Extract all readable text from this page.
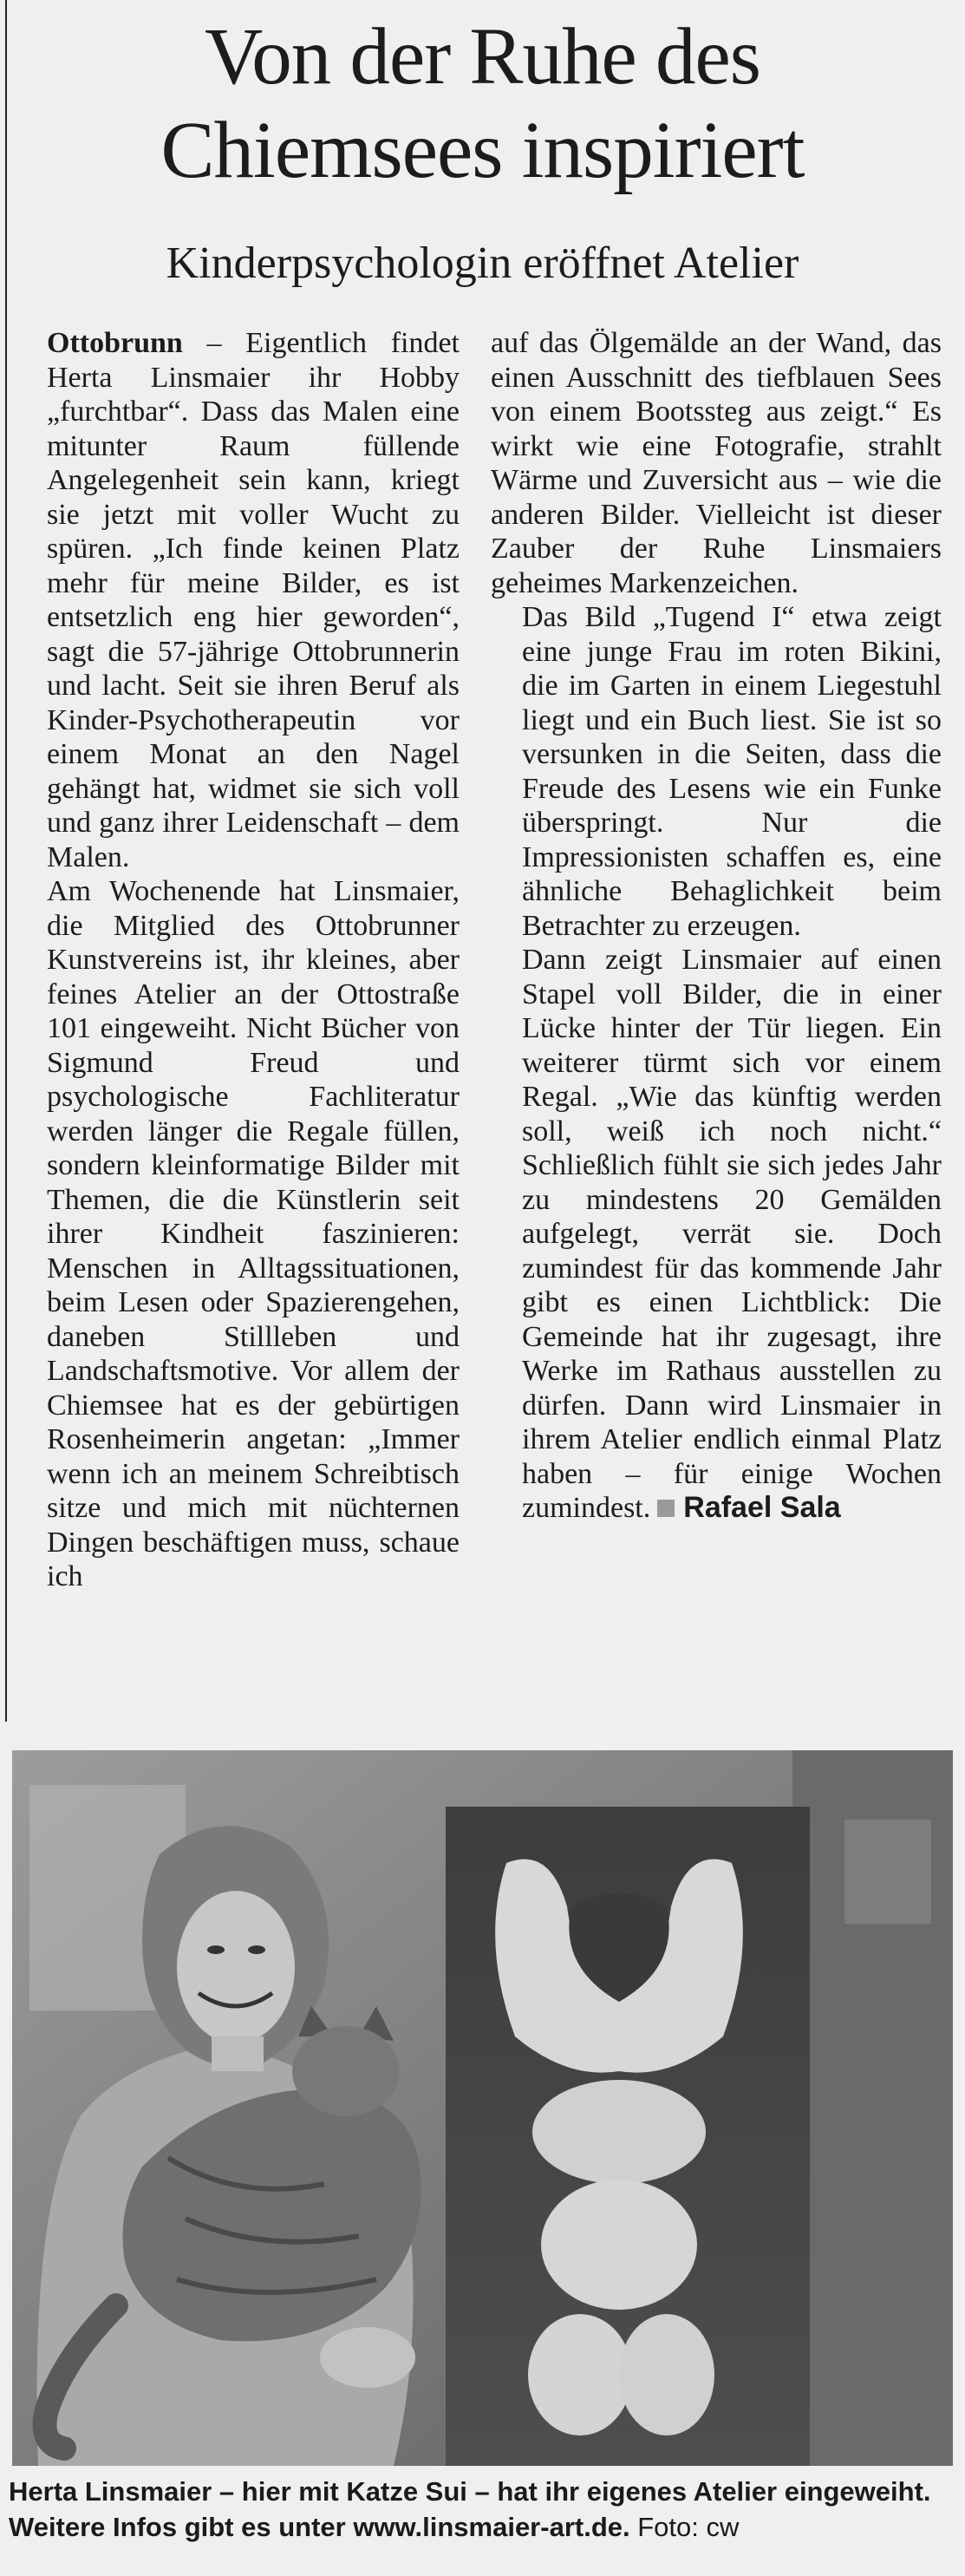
Von der Ruhe des
Chiemsees inspiriert
Kinderpsychologin eröffnet Atelier

Ottobrunn – Eigentlich findet Herta Linsmaier ihr Hobby „furchtbar“. Dass das Malen eine mitunter Raum füllende Angelegenheit sein kann, kriegt sie jetzt mit voller Wucht zu spüren. „Ich finde keinen Platz mehr für meine Bilder, es ist entsetzlich eng hier geworden“, sagt die 57-jährige Ottobrunnerin und lacht. Seit sie ihren Beruf als Kinder-Psychotherapeutin vor einem Monat an den Nagel gehängt hat, widmet sie sich voll und ganz ihrer Leidenschaft – dem Malen.

Am Wochenende hat Linsmaier, die Mitglied des Ottobrunner Kunstvereins ist, ihr kleines, aber feines Atelier an der Ottostraße 101 eingeweiht. Nicht Bücher von Sigmund Freud und psychologische Fachliteratur werden länger die Regale füllen, sondern kleinformatige Bilder mit Themen, die die Künstlerin seit ihrer Kindheit faszinieren: Menschen in Alltagssituationen, beim Lesen oder Spazierengehen, daneben Stillleben und Landschaftsmotive. Vor allem der Chiemsee hat es der gebürtigen Rosenheimerin angetan: „Immer wenn ich an meinem Schreibtisch sitze und mich mit nüchternen Dingen beschäftigen muss, schaue ich

auf das Ölgemälde an der Wand, das einen Ausschnitt des tiefblauen Sees von einem Bootssteg aus zeigt.“ Es wirkt wie eine Fotografie, strahlt Wärme und Zuversicht aus – wie die anderen Bilder. Vielleicht ist dieser Zauber der Ruhe Linsmaiers geheimes Markenzeichen.

Das Bild „Tugend I“ etwa zeigt eine junge Frau im roten Bikini, die im Garten in einem Liegestuhl liegt und ein Buch liest. Sie ist so versunken in die Seiten, dass die Freude des Lesens wie ein Funke überspringt. Nur die Impressionisten schaffen es, eine ähnliche Behaglichkeit beim Betrachter zu erzeugen.

Dann zeigt Linsmaier auf einen Stapel voll Bilder, die in einer Lücke hinter der Tür liegen. Ein weiterer türmt sich vor einem Regal. „Wie das künftig werden soll, weiß ich noch nicht.“ Schließlich fühlt sie sich jedes Jahr zu mindestens 20 Gemälden aufgelegt, verrät sie. Doch zumindest für das kommende Jahr gibt es einen Lichtblick: Die Gemeinde hat ihr zugesagt, ihre Werke im Rathaus ausstellen zu dürfen. Dann wird Linsmaier in ihrem Atelier endlich einmal Platz haben – für einige Wochen zumindest. Rafael Sala

Herta Linsmaier – hier mit Katze Sui – hat ihr eigenes Atelier eingeweiht. Weitere Infos gibt es unter www.linsmaier-art.de. Foto: cw
